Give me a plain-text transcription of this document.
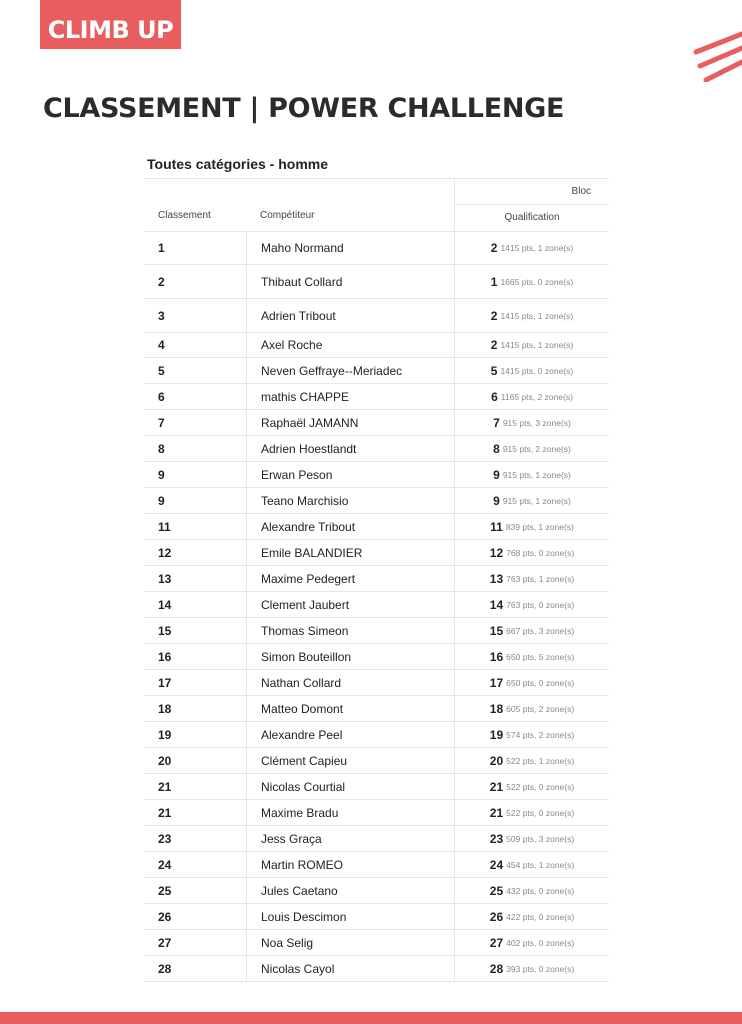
CLIMB UP
CLASSEMENT | POWER CHALLENGE
Toutes catégories - homme
Bloc
Classement	Compétiteur	Qualification
1	Maho Normand	2 1415 pts, 1 zone(s)
2	Thibaut Collard	1 1665 pts, 0 zone(s)
3	Adrien Tribout	2 1415 pts, 1 zone(s)
4	Axel Roche	2 1415 pts, 1 zone(s)
5	Neven Geffraye--Meriadec	5 1415 pts, 0 zone(s)
6	mathis CHAPPE	6 1165 pts, 2 zone(s)
7	Raphaël JAMANN	7 915 pts, 3 zone(s)
8	Adrien Hoestlandt	8 915 pts, 2 zone(s)
9	Erwan Peson	9 915 pts, 1 zone(s)
9	Teano Marchisio	9 915 pts, 1 zone(s)
11	Alexandre Tribout	11 839 pts, 1 zone(s)
12	Emile BALANDIER	12 768 pts, 0 zone(s)
13	Maxime Pedegert	13 763 pts, 1 zone(s)
14	Clement Jaubert	14 763 pts, 0 zone(s)
15	Thomas Simeon	15 667 pts, 3 zone(s)
16	Simon Bouteillon	16 650 pts, 5 zone(s)
17	Nathan Collard	17 650 pts, 0 zone(s)
18	Matteo Domont	18 605 pts, 2 zone(s)
19	Alexandre Peel	19 574 pts, 2 zone(s)
20	Clément Capieu	20 522 pts, 1 zone(s)
21	Nicolas Courtial	21 522 pts, 0 zone(s)
21	Maxime Bradu	21 522 pts, 0 zone(s)
23	Jess Graça	23 509 pts, 3 zone(s)
24	Martin ROMEO	24 454 pts, 1 zone(s)
25	Jules Caetano	25 432 pts, 0 zone(s)
26	Louis Descimon	26 422 pts, 0 zone(s)
27	Noa Selig	27 402 pts, 0 zone(s)
28	Nicolas Cayol	28 393 pts, 0 zone(s)
